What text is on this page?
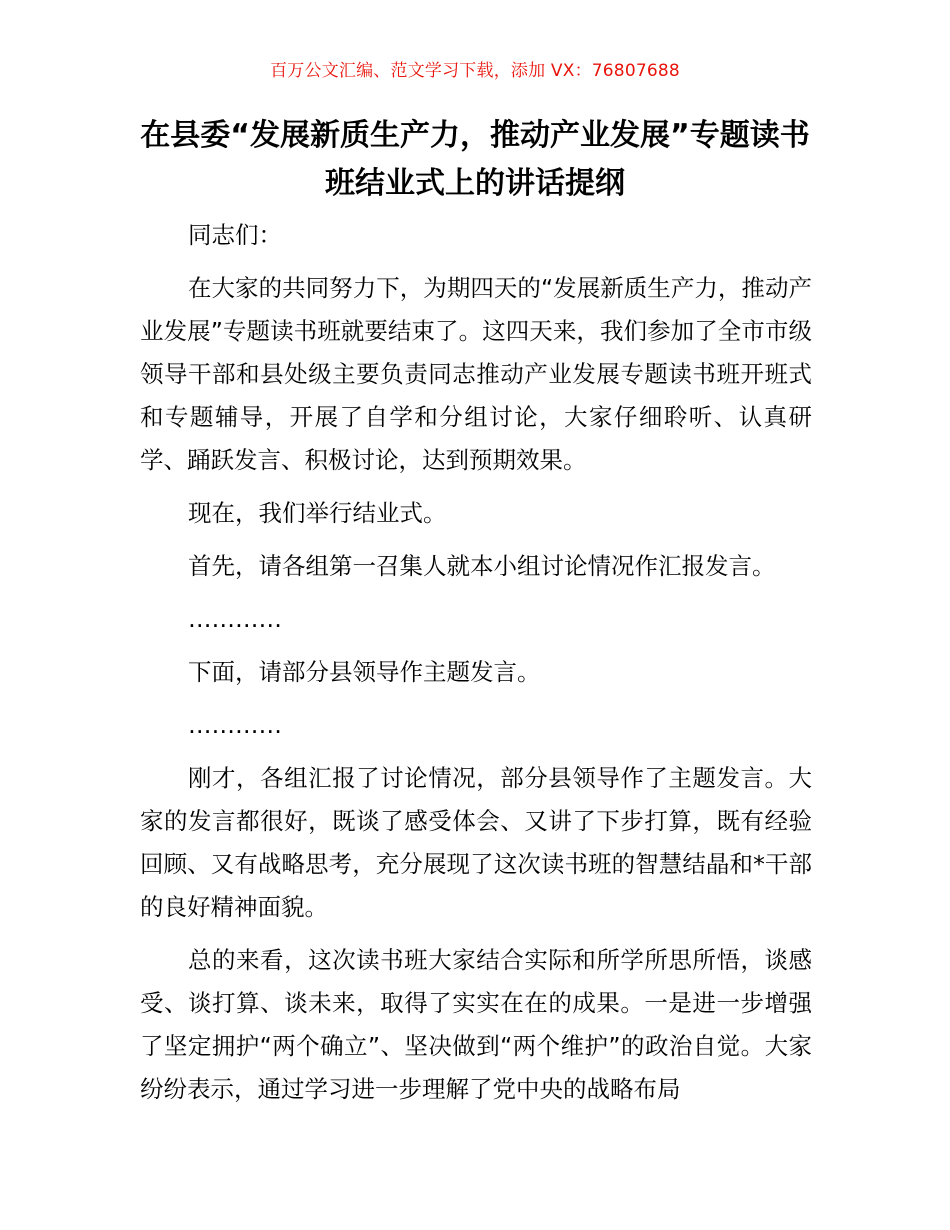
百万公文汇编、范文学习下载，添加 VX：76807688
在县委“发展新质生产力，推动产业发展”专题读书班结业式上的讲话提纲

同志们：

在大家的共同努力下，为期四天的“发展新质生产力，推动产业发展”专题读书班就要结束了。这四天来，我们参加了全市市级领导干部和县处级主要负责同志推动产业发展专题读书班开班式和专题辅导，开展了自学和分组讨论，大家仔细聆听、认真研学、踊跃发言、积极讨论，达到预期效果。

现在，我们举行结业式。

首先，请各组第一召集人就本小组讨论情况作汇报发言。

…………

下面，请部分县领导作主题发言。

…………

刚才，各组汇报了讨论情况，部分县领导作了主题发言。大家的发言都很好，既谈了感受体会、又讲了下步打算，既有经验回顾、又有战略思考，充分展现了这次读书班的智慧结晶和*干部的良好精神面貌。

总的来看，这次读书班大家结合实际和所学所思所悟，谈感受、谈打算、谈未来，取得了实实在在的成果。一是进一步增强了坚定拥护“两个确立”、坚决做到“两个维护”的政治自觉。大家纷纷表示，通过学习进一步理解了党中央的战略布局
